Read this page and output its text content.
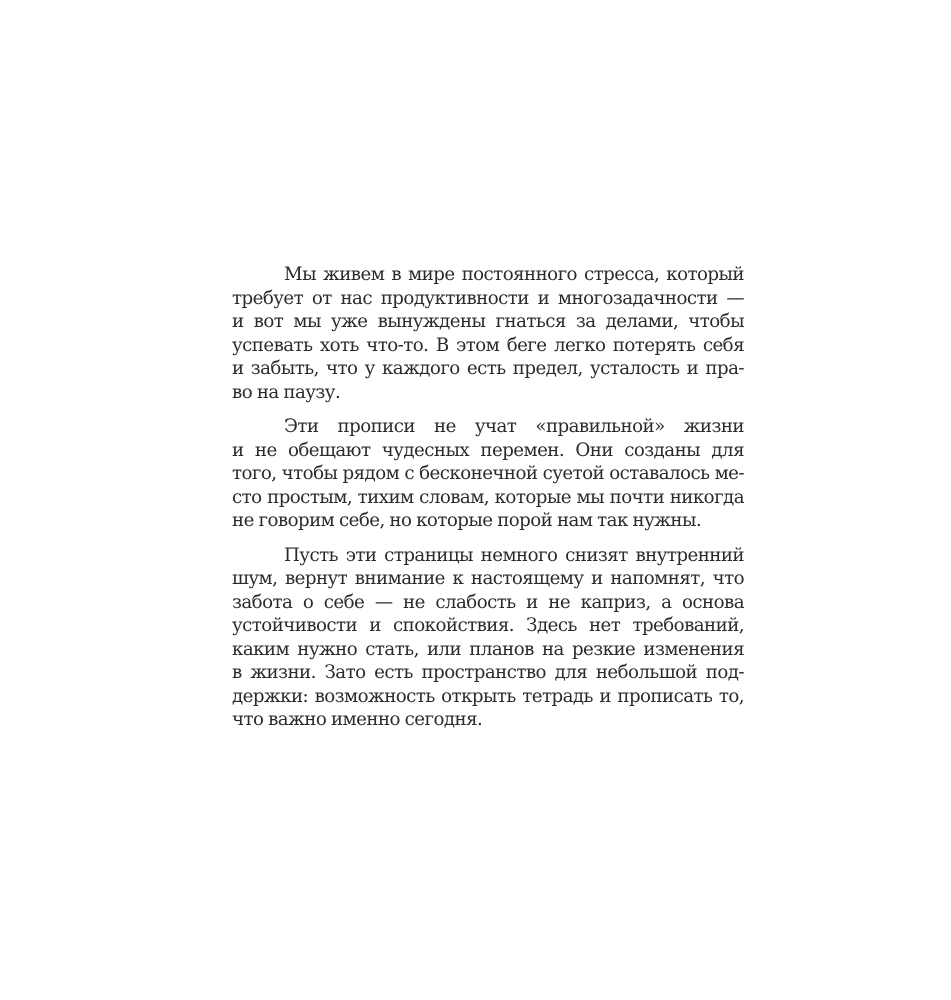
Мы живем в мире постоянного стресса, который
требует от нас продуктивности и многозадачности —
и вот мы уже вынуждены гнаться за делами, чтобы
успевать хоть что-то. В этом беге легко потерять себя
и забыть, что у каждого есть предел, усталость и пра-
во на паузу.

Эти прописи не учат «правильной» жизни
и не обещают чудесных перемен. Они созданы для
того, чтобы рядом с бесконечной суетой оставалось ме-
сто простым, тихим словам, которые мы почти никогда
не говорим себе, но которые порой нам так нужны.

Пусть эти страницы немного снизят внутренний
шум, вернут внимание к настоящему и напомнят, что
забота о себе — не слабость и не каприз, а основа
устойчивости и спокойствия. Здесь нет требований,
каким нужно стать, или планов на резкие изменения
в жизни. Зато есть пространство для небольшой под-
держки: возможность открыть тетрадь и прописать то,
что важно именно сегодня.
